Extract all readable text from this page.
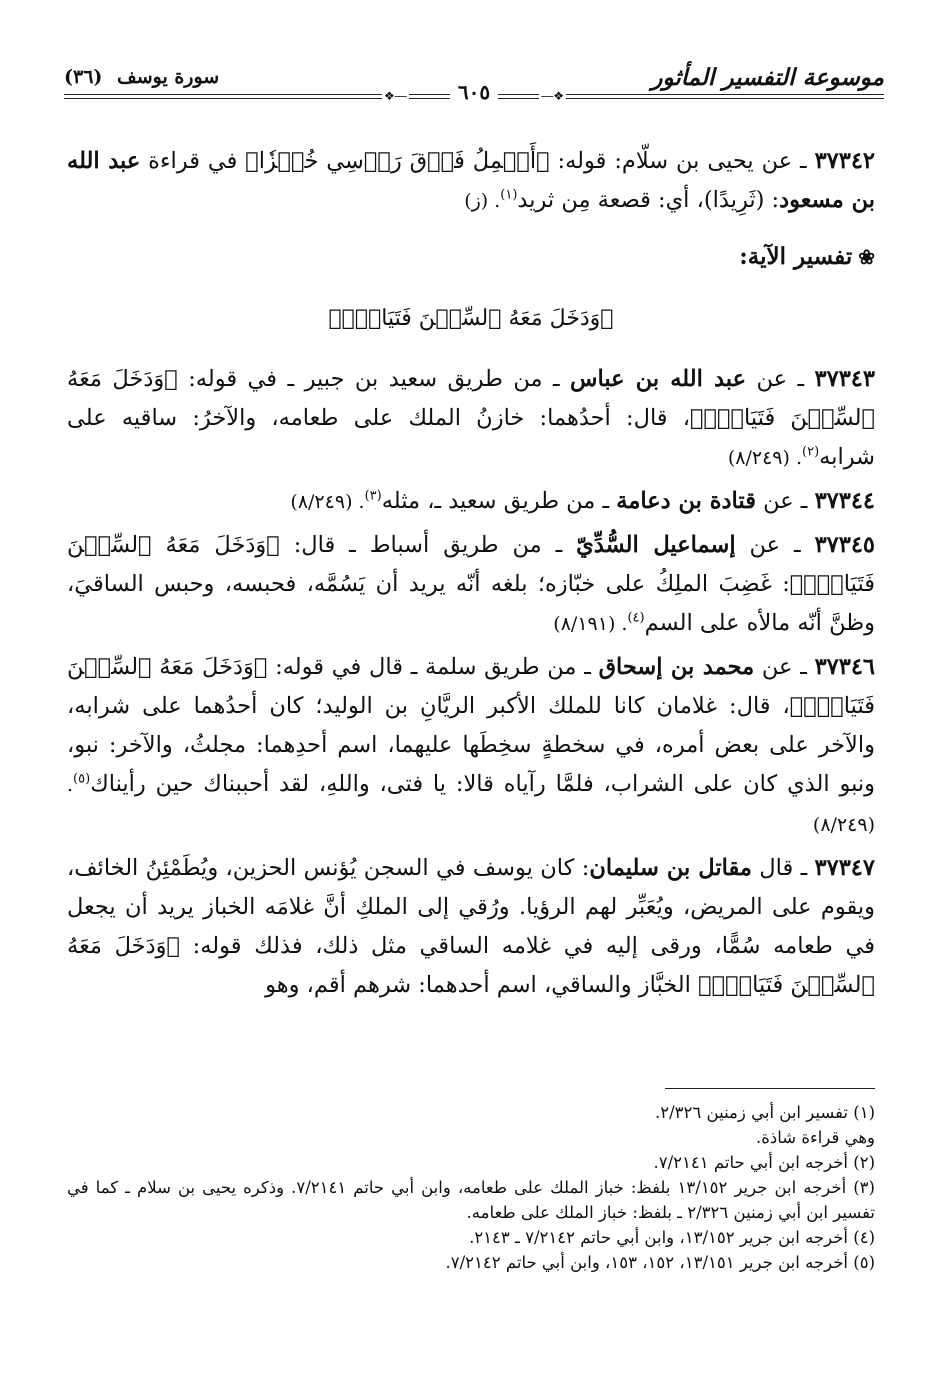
موسوعة التفسير المأثور
سورة يوسف (٣٦)
❖―
٦٠٥
―❖

٣٧٣٤٢ ـ عن يحيى بن سلّام: قوله: ﴿أَحۡمِلُ فَوۡقَ رَأۡسِي خُبۡزٗا﴾ في قراءة عبد الله بن مسعود: (ثَرِيدًا)، أي: قصعة مِن ثريد$^{(١)}$. (ز)

❀تفسير الآية:
﴿وَدَخَلَ مَعَهُ ٱلسِّجۡنَ فَتَيَانِۖ﴾

٣٧٣٤٣ ـ عن عبد الله بن عباس ـ من طريق سعيد بن جبير ـ في قوله: ﴿وَدَخَلَ مَعَهُ ٱلسِّجۡنَ فَتَيَانِۖ﴾، قال: أحدُهما: خازنُ الملك على طعامه، والآخرُ: ساقيه على شرابه$^{(٢)}$. (٨/٢٤٩)

٣٧٣٤٤ ـ عن قتادة بن دعامة ـ من طريق سعيد ـ، مثله$^{(٣)}$. (٨/٢٤٩)

٣٧٣٤٥ ـ عن إسماعيل السُّدِّيّ ـ من طريق أسباط ـ قال: ﴿وَدَخَلَ مَعَهُ ٱلسِّجۡنَ فَتَيَانِۖ﴾: غَضِبَ الملِكُ على خبّازه؛ بلغه أنّه يريد أن يَسُمَّه، فحبسه، وحبس الساقيَ، وظنَّ أنّه مالأه على السم$^{(٤)}$. (٨/١٩١)

٣٧٣٤٦ ـ عن محمد بن إسحاق ـ من طريق سلمة ـ قال في قوله: ﴿وَدَخَلَ مَعَهُ ٱلسِّجۡنَ فَتَيَانِۖ﴾، قال: غلامان كانا للملك الأكبر الريَّانِ بن الوليد؛ كان أحدُهما على شرابه، والآخر على بعض أمره، في سخطةٍ سخِطَها عليهما، اسم أحدِهما: مجلثُ، والآخر: نبو، ونبو الذي كان على الشراب، فلمَّا رآياه قالا: يا فتى، واللهِ، لقد أحببناك حين رأيناك$^{(٥)}$. (٨/٢٤٩)

٣٧٣٤٧ ـ قال مقاتل بن سليمان: كان يوسف في السجن يُؤنس الحزين، ويُطَمْئِنُ الخائف، ويقوم على المريض، ويُعَبِّر لهم الرؤيا. ورُقي إلى الملكِ أنَّ غلامَه الخباز يريد أن يجعل في طعامه سُمًّا، ورقى إليه في غلامه الساقي مثل ذلك، فذلك قوله: ﴿وَدَخَلَ مَعَهُ ٱلسِّجۡنَ فَتَيَانِۖ﴾ الخبَّاز والساقي، اسم أحدهما: شرهم أقم، وهو

(١) تفسير ابن أبي زمنين ٢/٣٢٦.

وهي قراءة شاذة.

(٢) أخرجه ابن أبي حاتم ٧/٢١٤١.

(٣) أخرجه ابن جرير ١٣/١٥٢ بلفظ: خباز الملك على طعامه، وابن أبي حاتم ٧/٢١٤١. وذكره يحيى بن سلام ـ كما في تفسير ابن أبي زمنين ٢/٣٢٦ ـ بلفظ: خباز الملك على طعامه.

(٤) أخرجه ابن جرير ١٣/١٥٢، وابن أبي حاتم ٧/٢١٤٢ ـ ٢١٤٣.

(٥) أخرجه ابن جرير ١٣/١٥١، ١٥٢، ١٥٣، وابن أبي حاتم ٧/٢١٤٢.
